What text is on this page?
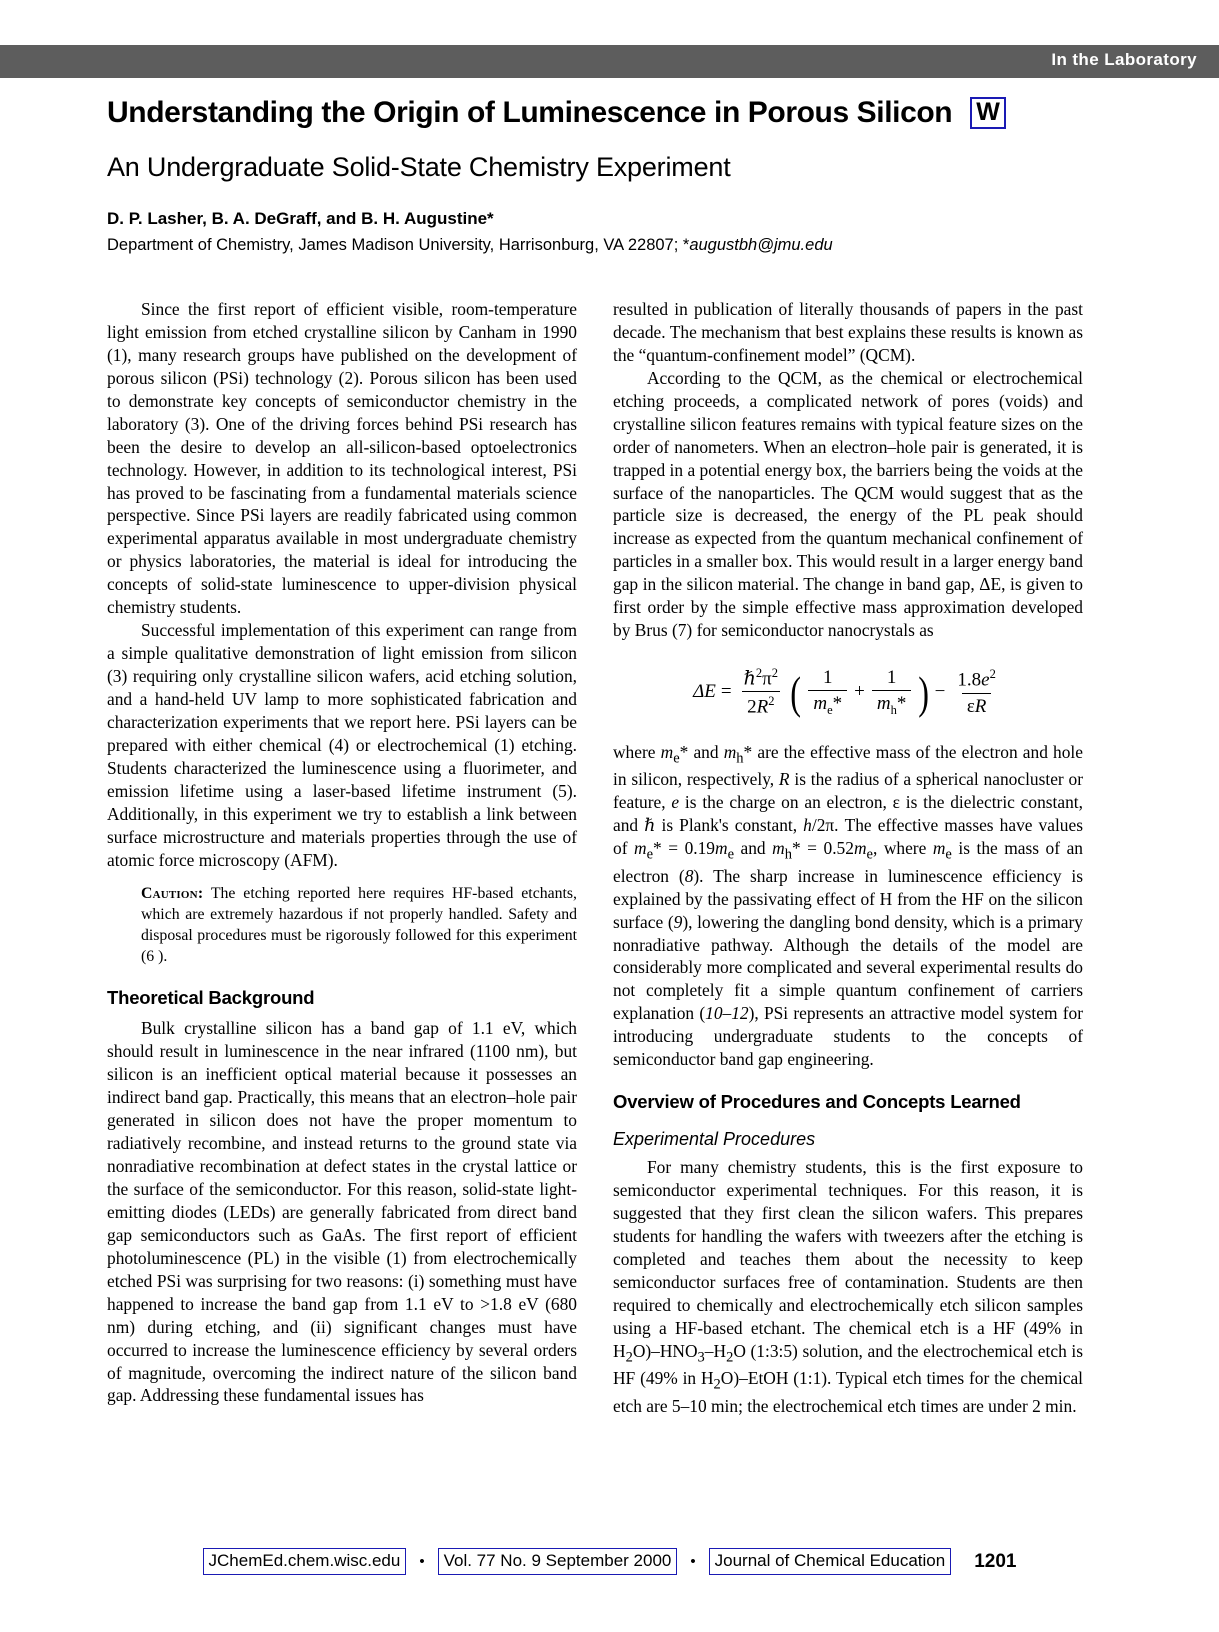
In the Laboratory
Understanding the Origin of Luminescence in Porous Silicon W
An Undergraduate Solid-State Chemistry Experiment
D. P. Lasher, B. A. DeGraff, and B. H. Augustine*
Department of Chemistry, James Madison University, Harrisonburg, VA 22807; *augustbh@jmu.edu

Since the first report of efficient visible, room-temperature light emission from etched crystalline silicon by Canham in 1990 (1), many research groups have published on the development of porous silicon (PSi) technology (2). Porous silicon has been used to demonstrate key concepts of semiconductor chemistry in the laboratory (3). One of the driving forces behind PSi research has been the desire to develop an all-silicon-based optoelectronics technology. However, in addition to its technological interest, PSi has proved to be fascinating from a fundamental materials science perspective. Since PSi layers are readily fabricated using common experimental apparatus available in most undergraduate chemistry or physics laboratories, the material is ideal for introducing the concepts of solid-state luminescence to upper-division physical chemistry students.

Successful implementation of this experiment can range from a simple qualitative demonstration of light emission from silicon (3) requiring only crystalline silicon wafers, acid etching solution, and a hand-held UV lamp to more sophisticated fabrication and characterization experiments that we report here. PSi layers can be prepared with either chemical (4) or electrochemical (1) etching. Students characterized the luminescence using a fluorimeter, and emission lifetime using a laser-based lifetime instrument (5). Additionally, in this experiment we try to establish a link between surface microstructure and materials properties through the use of atomic force microscopy (AFM).

Caution: The etching reported here requires HF-based etchants, which are extremely hazardous if not properly handled. Safety and disposal procedures must be rigorously followed for this experiment (6 ).

Theoretical Background

Bulk crystalline silicon has a band gap of 1.1 eV, which should result in luminescence in the near infrared (1100 nm), but silicon is an inefficient optical material because it possesses an indirect band gap. Practically, this means that an electron–hole pair generated in silicon does not have the proper momentum to radiatively recombine, and instead returns to the ground state via nonradiative recombination at defect states in the crystal lattice or the surface of the semiconductor. For this reason, solid-state light-emitting diodes (LEDs) are generally fabricated from direct band gap semiconductors such as GaAs. The first report of efficient photoluminescence (PL) in the visible (1) from electrochemically etched PSi was surprising for two reasons: (i) something must have happened to increase the band gap from 1.1 eV to >1.8 eV (680 nm) during etching, and (ii) significant changes must have occurred to increase the luminescence efficiency by several orders of magnitude, overcoming the indirect nature of the silicon band gap. Addressing these fundamental issues has

resulted in publication of literally thousands of papers in the past decade. The mechanism that best explains these results is known as the “quantum-confinement model” (QCM).

According to the QCM, as the chemical or electrochemical etching proceeds, a complicated network of pores (voids) and crystalline silicon features remains with typical feature sizes on the order of nanometers. When an electron–hole pair is generated, it is trapped in a potential energy box, the barriers being the voids at the surface of the nanoparticles. The QCM would suggest that as the particle size is decreased, the energy of the PL peak should increase as expected from the quantum mechanical confinement of particles in a smaller box. This would result in a larger energy band gap in the silicon material. The change in band gap, ΔE, is given to first order by the simple effective mass approximation developed by Brus (7) for semiconductor nanocrystals as

$\Delta E = \frac{\hbar^2\pi^2}{2R^2}$ ( $\frac{1}{m_e*} + \frac{1}{m_h*}$ ) − $\frac{1.8e^2}{\varepsilon R}$

where $m_e*$ and $m_h*$ are the effective mass of the electron and hole in silicon, respectively, R is the radius of a spherical nanocluster or feature, e is the charge on an electron, ε is the dielectric constant, and ℏ is Plank's constant, h/2π. The effective masses have values of $m_e* = 0.19m_e$ and $m_h* = 0.52m_e$, where $m_e$ is the mass of an electron (8). The sharp increase in luminescence efficiency is explained by the passivating effect of H from the HF on the silicon surface (9), lowering the dangling bond density, which is a primary nonradiative pathway. Although the details of the model are considerably more complicated and several experimental results do not completely fit a simple quantum confinement of carriers explanation (10–12), PSi represents an attractive model system for introducing undergraduate students to the concepts of semiconductor band gap engineering.

Overview of Procedures and Concepts Learned
Experimental Procedures

For many chemistry students, this is the first exposure to semiconductor experimental techniques. For this reason, it is suggested that they first clean the silicon wafers. This prepares students for handling the wafers with tweezers after the etching is completed and teaches them about the necessity to keep semiconductor surfaces free of contamination. Students are then required to chemically and electrochemically etch silicon samples using a HF-based etchant. The chemical etch is a HF (49% in $H_2O)-HNO_3-H_2O$ (1:3:5) solution, and the electrochemical etch is HF (49% in $H_2O$)–EtOH (1:1). Typical etch times for the chemical etch are 5–10 min; the electrochemical etch times are under 2 min.

JChemEd.chem.wisc.edu	•	Vol. 77 No. 9 September 2000	•	Journal of Chemical Education	1201
